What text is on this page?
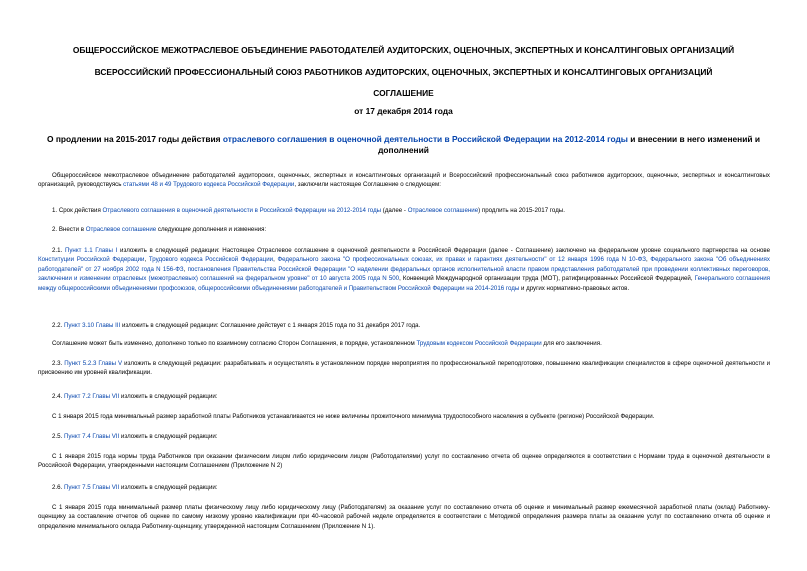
ОБЩЕРОССИЙСКОЕ МЕЖОТРАСЛЕВОЕ ОБЪЕДИНЕНИЕ РАБОТОДАТЕЛЕЙ АУДИТОРСКИХ, ОЦЕНОЧНЫХ, ЭКСПЕРТНЫХ И КОНСАЛТИНГОВЫХ ОРГАНИЗАЦИЙ
ВСЕРОССИЙСКИЙ ПРОФЕССИОНАЛЬНЫЙ СОЮЗ РАБОТНИКОВ АУДИТОРСКИХ, ОЦЕНОЧНЫХ, ЭКСПЕРТНЫХ И КОНСАЛТИНГОВЫХ ОРГАНИЗАЦИЙ
СОГЛАШЕНИЕ
от 17 декабря 2014 года
О продлении на 2015-2017 годы действия отраслевого соглашения в оценочной деятельности в Российской Федерации на 2012-2014 годы и внесении в него изменений и дополнений
Общероссийское межотраслевое объединение работодателей аудиторских, оценочных, экспертных и консалтинговых организаций и Всероссийский профессиональный союз работников аудиторских, оценочных, экспертных и консалтинговых организаций, руководствуясь статьями 48 и 49 Трудового кодекса Российской Федерации, заключили настоящее Соглашение о следующем:
1. Срок действия Отраслевого соглашения в оценочной деятельности в Российской Федерации на 2012-2014 годы (далее - Отраслевое соглашение) продлить на 2015-2017 годы.
2. Внести в Отраслевое соглашение следующие дополнения и изменения:
2.1. Пункт 1.1 Главы I изложить в следующей редакции: Настоящее Отраслевое соглашение в оценочной деятельности в Российской Федерации (далее - Соглашение) заключено на федеральном уровне социального партнерства на основе Конституции Российской Федерации, Трудового кодекса Российской Федерации, Федерального закона "О профессиональных союзах, их правах и гарантиях деятельности" от 12 января 1996 года N 10-ФЗ, Федерального закона "Об объединениях работодателей" от 27 ноября 2002 года N 156-ФЗ, постановления Правительства Российской Федерации "О наделении федеральных органов исполнительной власти правом представления работодателей при проведении коллективных переговоров, заключении и изменении отраслевых (межотраслевых) соглашений на федеральном уровне" от 10 августа 2005 года N 500, Конвенций Международной организации труда (МОТ), ратифицированных Российской Федерацией, Генерального соглашения между общероссийскими объединениями профсоюзов, общероссийскими объединениями работодателей и Правительством Российской Федерации на 2014-2016 годы и других нормативно-правовых актов.
2.2. Пункт 3.10 Главы III изложить в следующей редакции: Соглашение действует с 1 января 2015 года по 31 декабря 2017 года.
Соглашение может быть изменено, дополнено только по взаимному согласию Сторон Соглашения, в порядке, установленном Трудовым кодексом Российской Федерации для его заключения.
2.3. Пункт 5.2.3 Главы V изложить в следующей редакции: разрабатывать и осуществлять в установленном порядке мероприятия по профессиональной переподготовке, повышению квалификации специалистов в сфере оценочной деятельности и присвоению им уровней квалификации.
2.4. Пункт 7.2 Главы VII изложить в следующей редакции:
С 1 января 2015 года минимальный размер заработной платы Работников устанавливается не ниже величины прожиточного минимума трудоспособного населения в субъекте (регионе) Российской Федерации.
2.5. Пункт 7.4 Главы VII изложить в следующей редакции:
С 1 января 2015 года нормы труда Работников при оказании физическим лицом либо юридическим лицом (Работодателями) услуг по составлению отчета об оценке определяются в соответствии с Нормами труда в оценочной деятельности в Российской Федерации, утвержденными настоящим Соглашением (Приложение N 2)
2.6. Пункт 7.5 Главы VII изложить в следующей редакции:
С 1 января 2015 года минимальный размер платы физическому лицу либо юридическому лицу (Работодателям) за оказание услуг по составлению отчета об оценке и минимальный размер ежемесячной заработной платы (оклад) Работнику-оценщику за составление отчетов об оценке по самому низкому уровню квалификации при 40-часовой рабочей неделе определяется в соответствии с Методикой определения размера платы за оказание услуг по составлению отчета об оценке и определение минимального оклада Работнику-оценщику, утвержденной настоящим Соглашением (Приложение N 1).
